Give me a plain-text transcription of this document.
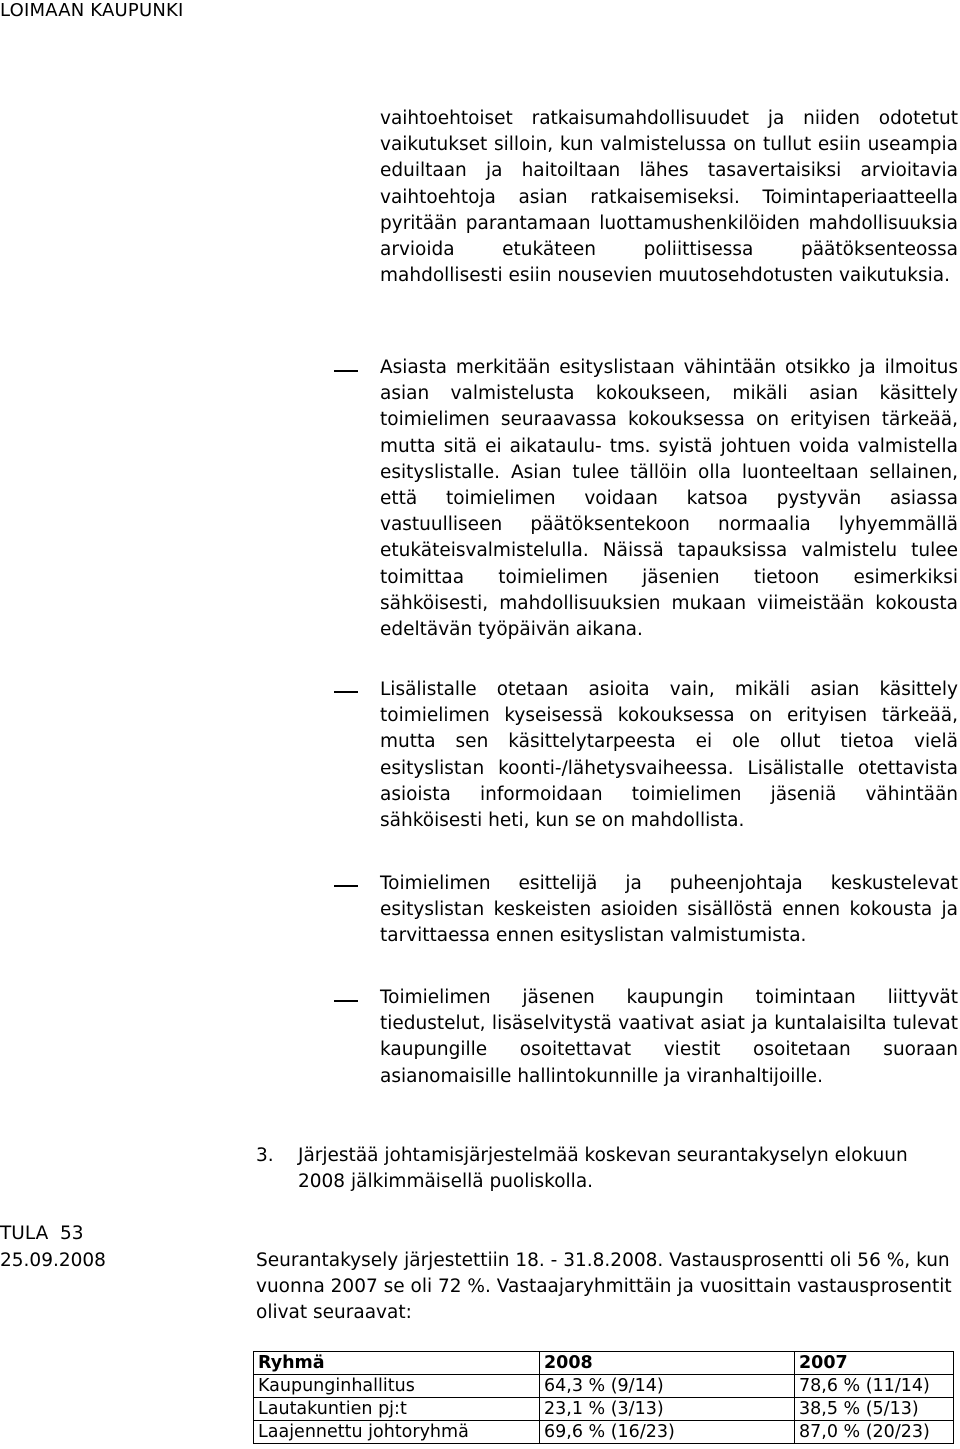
LOIMAAN KAUPUNKI

vaihtoehtoiset ratkaisumahdollisuudet ja niiden odotetut vaikutukset silloin, kun valmistelussa on tullut esiin useampia eduiltaan ja haitoiltaan lähes tasavertaisiksi arvioitavia vaihtoehtoja asian ratkaisemiseksi. Toimintaperiaatteella pyritään parantamaan luottamushenkilöiden mahdollisuuksia arvioida etukäteen poliittisessa päätöksenteossa mahdollisesti esiin nousevien muutosehdotusten vaikutuksia.

Asiasta merkitään esityslistaan vähintään otsikko ja ilmoitus asian valmistelusta kokoukseen, mikäli asian käsittely toimielimen seuraavassa kokouksessa on erityisen tärkeää, mutta sitä ei aikataulu- tms. syistä johtuen voida valmistella esityslistalle. Asian tulee tällöin olla luonteeltaan sellainen, että toimielimen voidaan katsoa pystyvän asiassa vastuulliseen päätöksentekoon normaalia lyhyemmällä etukäteisvalmistelulla. Näissä tapauksissa valmistelu tulee toimittaa toimielimen jäsenien tietoon esimerkiksi sähköisesti, mahdollisuuksien mukaan viimeistään kokousta edeltävän työpäivän aikana.

Lisälistalle otetaan asioita vain, mikäli asian käsittely toimielimen kyseisessä kokouksessa on erityisen tärkeää, mutta sen käsittelytarpeesta ei ole ollut tietoa vielä esityslistan koonti-/lähetysvaiheessa. Lisälistalle otettavista asioista informoidaan toimielimen jäseniä vähintään sähköisesti heti, kun se on mahdollista.

Toimielimen esittelijä ja puheenjohtaja keskustelevat esityslistan keskeisten asioiden sisällöstä ennen kokousta ja tarvittaessa ennen esityslistan valmistumista.

Toimielimen jäsenen kaupungin toimintaan liittyvät tiedustelut, lisäselvitystä vaativat asiat ja kuntalaisilta tulevat kaupungille osoitettavat viestit osoitetaan suoraan asianomaisille hallintokunnille ja viranhaltijoille.

3. Järjestää johtamisjärjestelmää koskevan seurantakyselyn elokuun 2008 jälkimmäisellä puoliskolla.
TULA  53
25.09.2008	Seurantakysely järjestettiin 18. - 31.8.2008. Vastausprosentti oli 56 %, kun vuonna 2007 se oli 72 %. Vastaajaryhmittäin ja vuosittain vastausprosentit olivat seuraavat:

Ryhmä	2008	2007
Kaupunginhallitus	64,3 % (9/14)	78,6 % (11/14)
Lautakuntien pj:t	23,1 % (3/13)	38,5 % (5/13)
Laajennettu johtoryhmä	69,6 % (16/23)	87,0 % (20/23)
